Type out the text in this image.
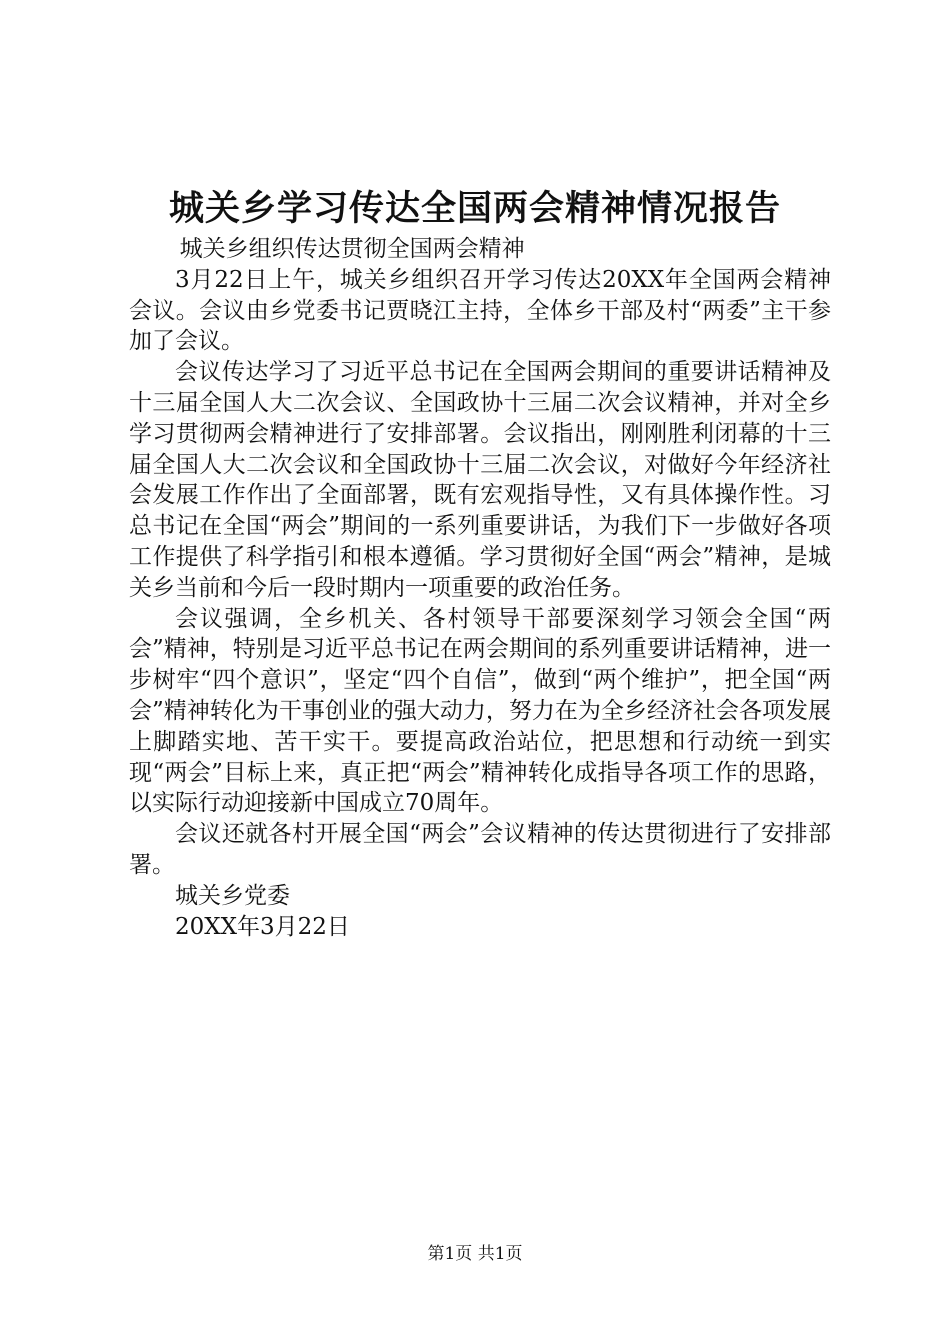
城关乡学习传达全国两会精神情况报告

城关乡组织传达贯彻全国两会精神

3月22日上午，城关乡组织召开学习传达20XX年全国两会精神会议。会议由乡党委书记贾晓江主持，全体乡干部及村“两委”主干参加了会议。

会议传达学习了习近平总书记在全国两会期间的重要讲话精神及十三届全国人大二次会议、全国政协十三届二次会议精神，并对全乡学习贯彻两会精神进行了安排部署。会议指出，刚刚胜利闭幕的十三届全国人大二次会议和全国政协十三届二次会议，对做好今年经济社会发展工作作出了全面部署，既有宏观指导性，又有具体操作性。习总书记在全国“两会”期间的一系列重要讲话，为我们下一步做好各项工作提供了科学指引和根本遵循。学习贯彻好全国“两会”精神，是城关乡当前和今后一段时期内一项重要的政治任务。

会议强调，全乡机关、各村领导干部要深刻学习领会全国“两会”精神，特别是习近平总书记在两会期间的系列重要讲话精神，进一步树牢“四个意识”，坚定“四个自信”，做到“两个维护”，把全国“两会”精神转化为干事创业的强大动力，努力在为全乡经济社会各项发展上脚踏实地、苦干实干。要提高政治站位，把思想和行动统一到实现“两会”目标上来，真正把“两会”精神转化成指导各项工作的思路，以实际行动迎接新中国成立70周年。

会议还就各村开展全国“两会”会议精神的传达贯彻进行了安排部署。

城关乡党委

20XX年3月22日

第1页 共1页
